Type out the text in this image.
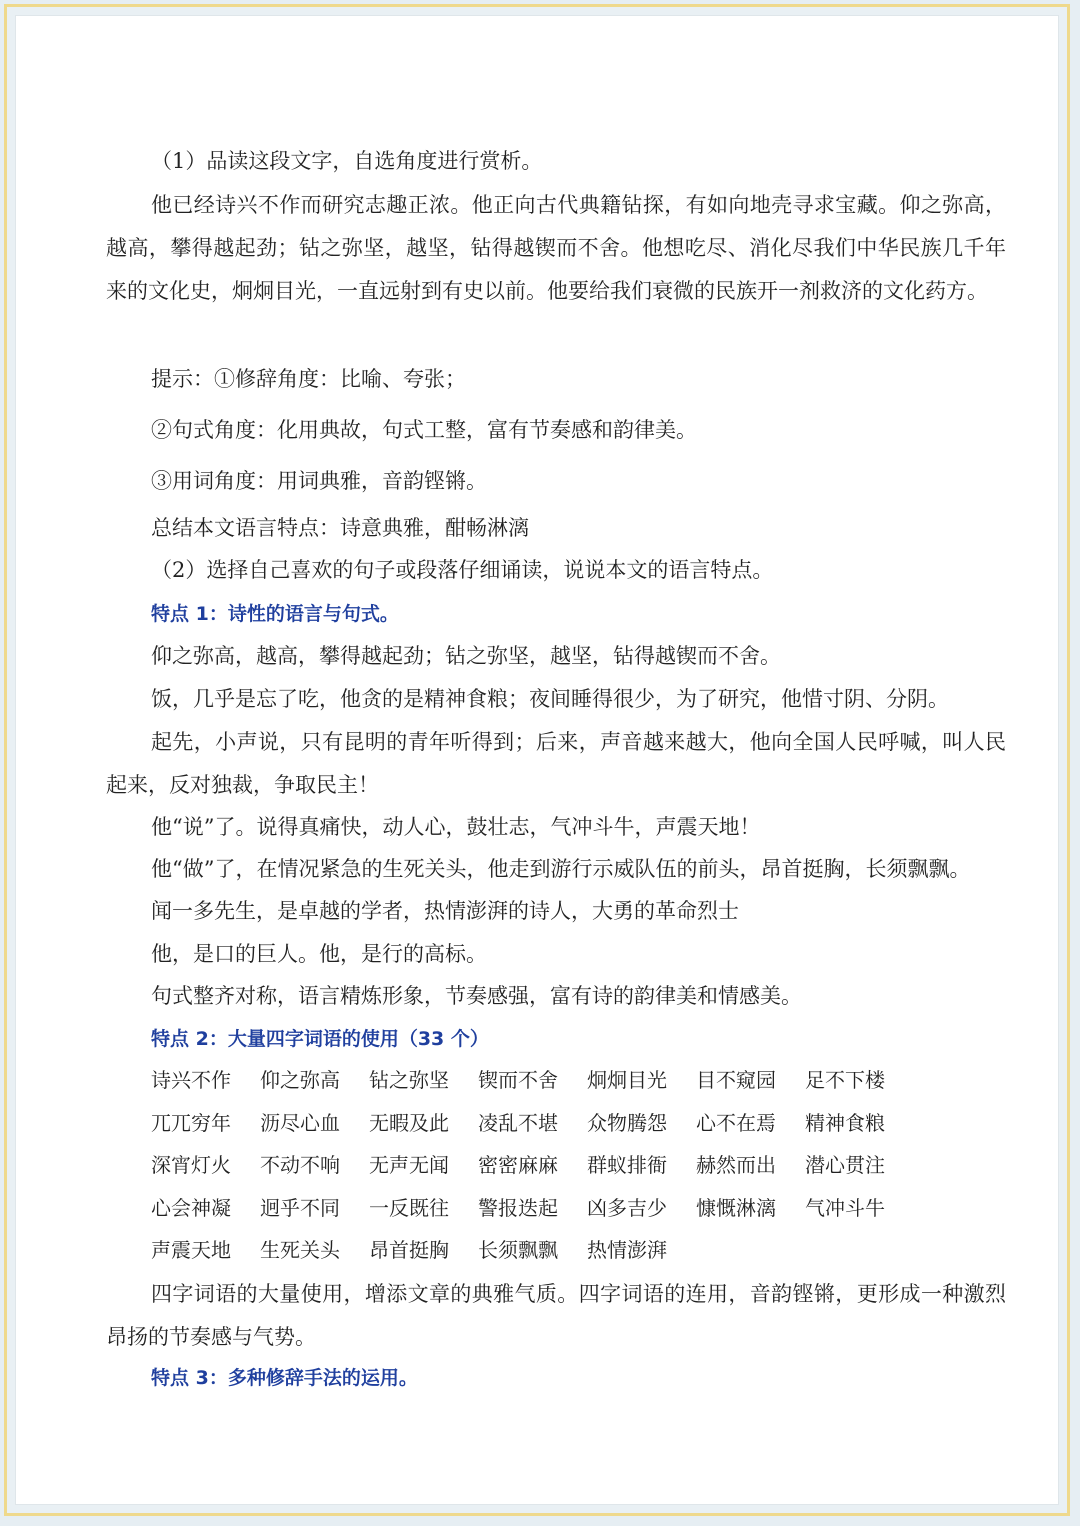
（1）品读这段文字，自选角度进行赏析。
他已经诗兴不作而研究志趣正浓。他正向古代典籍钻探，有如向地壳寻求宝藏。仰之弥高，越高，攀得越起劲；钻之弥坚，越坚，钻得越锲而不舍。他想吃尽、消化尽我们中华民族几千年来的文化史，炯炯目光，一直远射到有史以前。他要给我们衰微的民族开一剂救济的文化药方。
提示：①修辞角度：比喻、夸张；
②句式角度：化用典故，句式工整，富有节奏感和韵律美。
③用词角度：用词典雅，音韵铿锵。
总结本文语言特点：诗意典雅，酣畅淋漓
（2）选择自己喜欢的句子或段落仔细诵读，说说本文的语言特点。
特点 1：诗性的语言与句式。
仰之弥高，越高，攀得越起劲；钻之弥坚，越坚，钻得越锲而不舍。
饭，几乎是忘了吃，他贪的是精神食粮；夜间睡得很少，为了研究，他惜寸阴、分阴。
起先，小声说，只有昆明的青年听得到；后来，声音越来越大，他向全国人民呼喊，叫人民起来，反对独裁，争取民主！
他“说”了。说得真痛快，动人心，鼓壮志，气冲斗牛，声震天地！
他“做”了，在情况紧急的生死关头，他走到游行示威队伍的前头，昂首挺胸，长须飘飘。
闻一多先生，是卓越的学者，热情澎湃的诗人，大勇的革命烈士
他，是口的巨人。他，是行的高标。
句式整齐对称，语言精炼形象，节奏感强，富有诗的韵律美和情感美。
特点 2：大量四字词语的使用（33 个）
诗兴不作 仰之弥高 钻之弥坚 锲而不舍 炯炯目光 目不窥园 足不下楼
兀兀穷年 沥尽心血 无暇及此 凌乱不堪 众物腾怨 心不在焉 精神食粮
深宵灯火 不动不响 无声无闻 密密麻麻 群蚁排衙 赫然而出 潜心贯注
心会神凝 迥乎不同 一反既往 警报迭起 凶多吉少 慷慨淋漓 气冲斗牛
声震天地 生死关头 昂首挺胸 长须飘飘 热情澎湃
四字词语的大量使用，增添文章的典雅气质。四字词语的连用，音韵铿锵，更形成一种激烈昂扬的节奏感与气势。
特点 3：多种修辞手法的运用。
